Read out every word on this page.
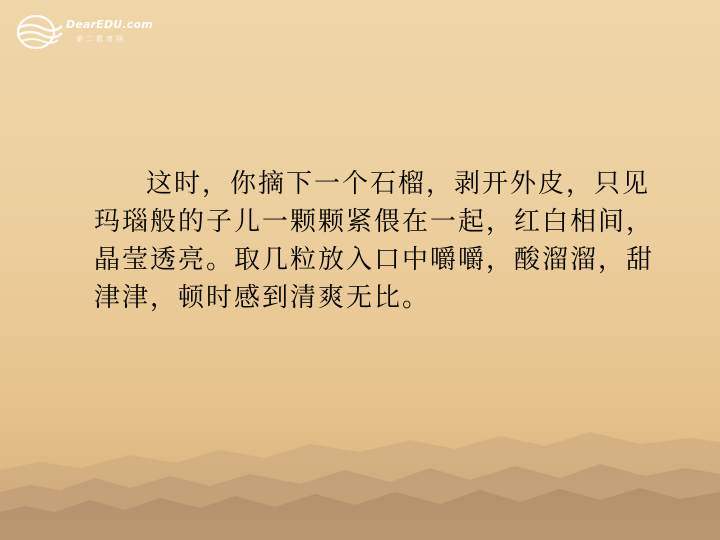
DearEDU.com
第二教育网

这时，你摘下一个石榴，剥开外皮，只见玛瑙般的子儿一颗颗紧偎在一起，红白相间，晶莹透亮。取几粒放入口中嚼嚼，酸溜溜，甜津津，顿时感到清爽无比。
